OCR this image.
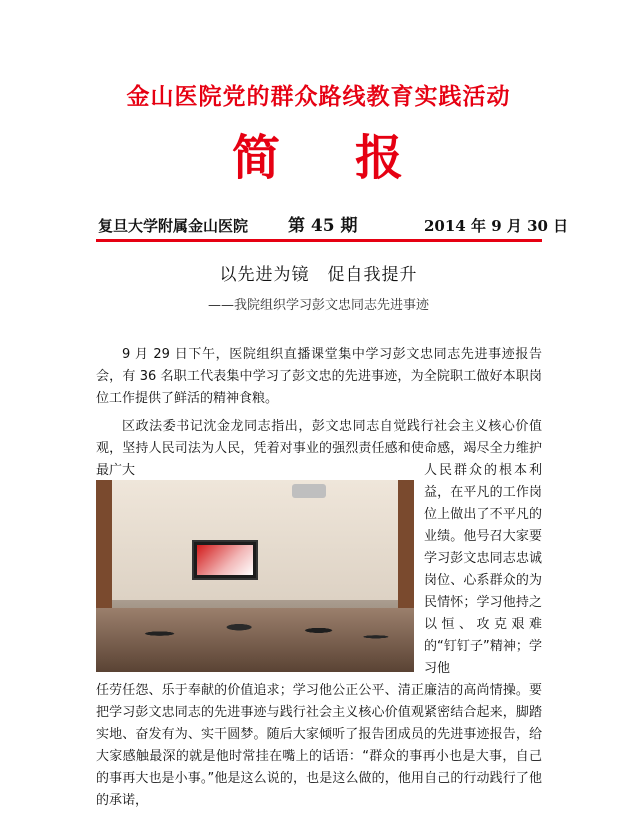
金山医院党的群众路线教育实践活动
简 报
复旦大学附属金山医院 第 45 期	2014 年 9 月 30 日
以先进为镜　促自我提升
——我院组织学习彭文忠同志先进事迹
9 月 29 日下午，医院组织直播课堂集中学习彭文忠同志先进事迹报告会，有 36 名职工代表集中学习了彭文忠的先进事迹，为全院职工做好本职岗位工作提供了鲜活的精神食粮。
区政法委书记沈金龙同志指出，彭文忠同志自觉践行社会主义核心价值观，坚持人民司法为人民，凭着对事业的强烈责任感和使命感，竭尽全力维护最广大	人民群众的根本利益，在平凡的工作岗位上做出了不平凡的业绩。他号召大家要学习彭文忠同志忠诚岗位、心系群众的为民情怀；学习他持之以恒、攻克艰难的“钉钉子”精神；学习他
任劳任怨、乐于奉献的价值追求；学习他公正公平、清正廉洁的高尚情操。要把学习彭文忠同志的先进事迹与践行社会主义核心价值观紧密结合起来，脚踏实地、奋发有为、实干圆梦。随后大家倾听了报告团成员的先进事迹报告，给大家感触最深的就是他时常挂在嘴上的话语：“群众的事再小也是大事，自己的事再大也是小事。”他是这么说的，也是这么做的，他用自己的行动践行了他的承诺，
